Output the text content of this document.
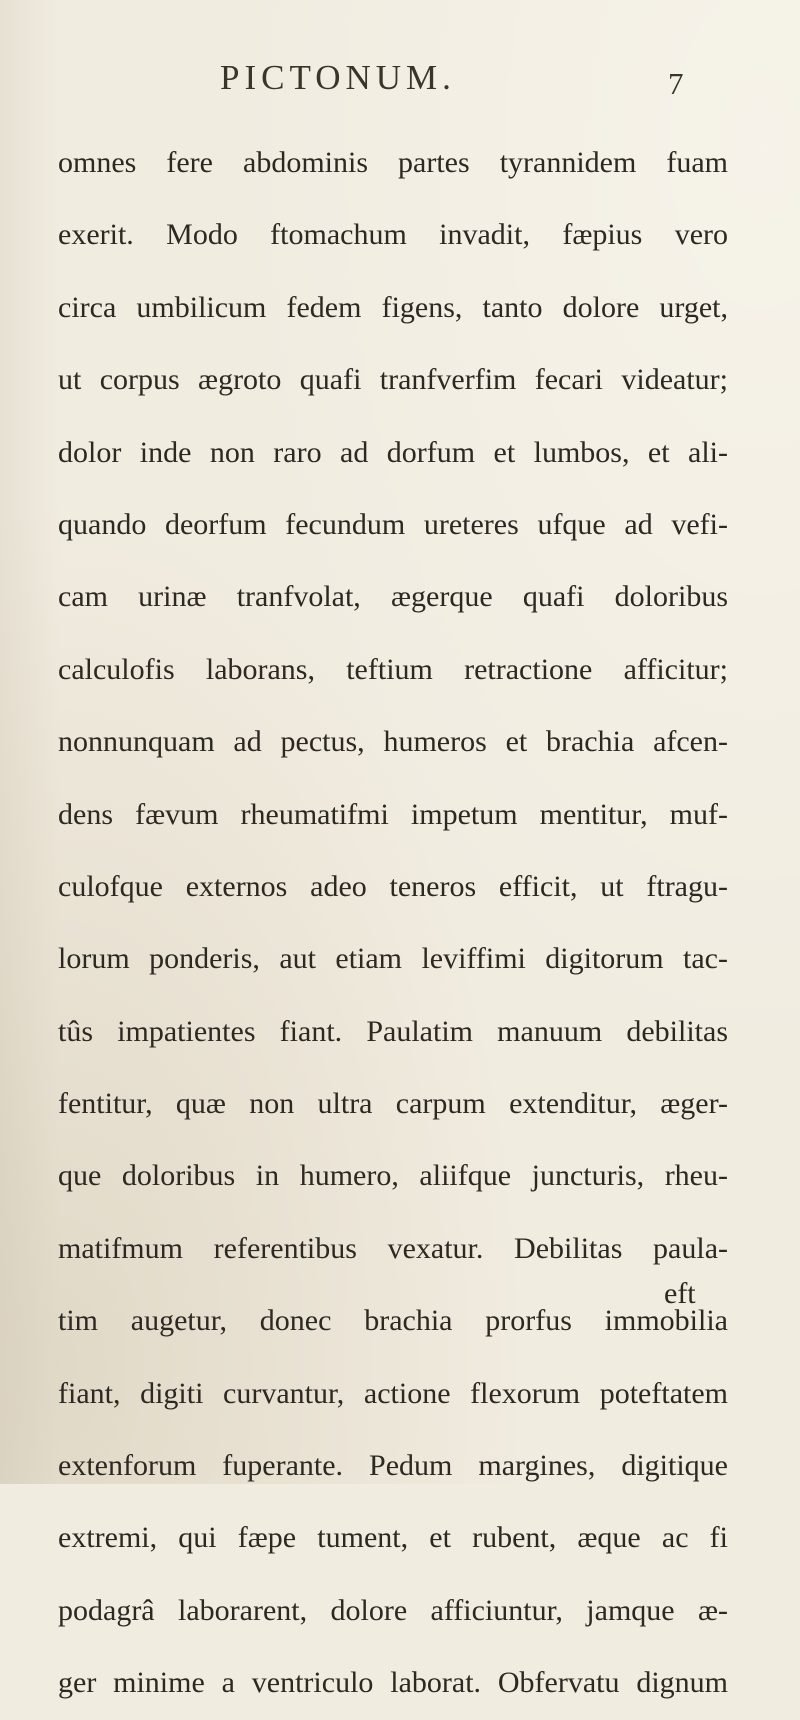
PICTONUM.	7
omnes fere abdominis partes tyrannidem fuam
exerit. Modo ftomachum invadit, fæpius vero
circa umbilicum fedem figens, tanto dolore urget,
ut corpus ægroto quafi tranfverfim fecari videatur;
dolor inde non raro ad dorfum et lumbos, et ali-
quando deorfum fecundum ureteres ufque ad vefi-
cam urinæ tranfvolat, ægerque quafi doloribus
calculofis laborans, teftium retractione afficitur;
nonnunquam ad pectus, humeros et brachia afcen-
dens fævum rheumatifmi impetum mentitur, muf-
culofque externos adeo teneros efficit, ut ftragu-
lorum ponderis, aut etiam leviffimi digitorum tac-
tûs impatientes fiant. Paulatim manuum debilitas
fentitur, quæ non ultra carpum extenditur, æger-
que doloribus in humero, aliifque juncturis, rheu-
matifmum referentibus vexatur. Debilitas paula-
tim augetur, donec brachia prorfus immobilia
fiant, digiti curvantur, actione flexorum poteftatem
extenforum fuperante. Pedum margines, digitique
extremi, qui fæpe tument, et rubent, æque ac fi
podagrâ laborarent, dolore afficiuntur, jamque æ-
ger minime a ventriculo laborat. Obfervatu dignum
eft
